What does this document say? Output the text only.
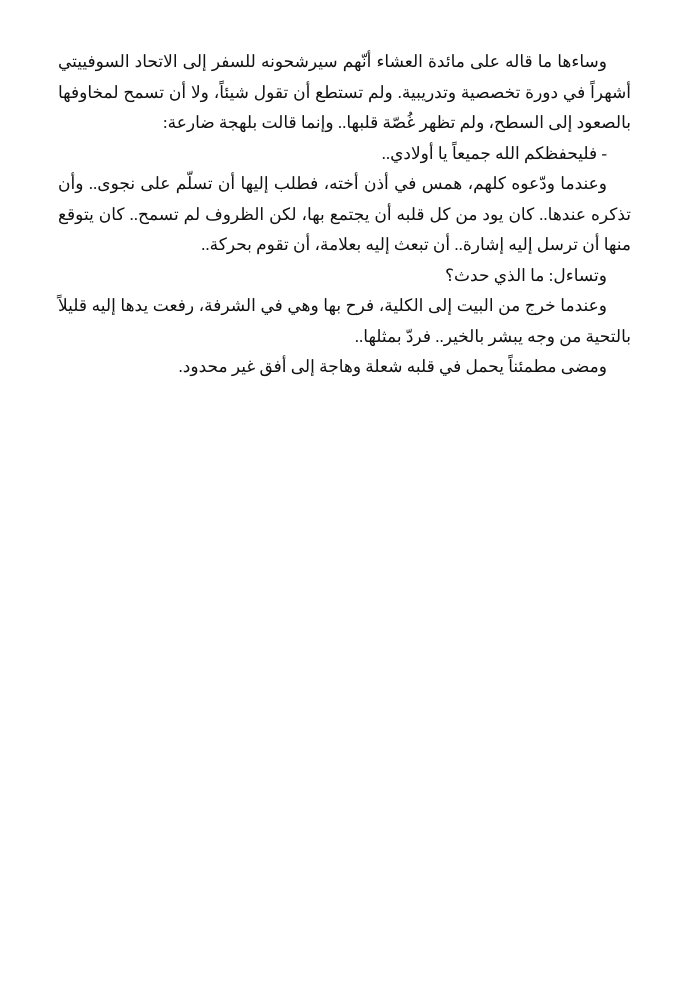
وساءها ما قاله على مائدة العشاء أنّهم سيرشحونه للسفر إلى الاتحاد السوفييتي أشهراً في دورة تخصصية وتدريبية. ولم تستطع أن تقول شيئاً، ولا أن تسمح لمخاوفها بالصعود إلى السطح، ولم تظهر غُصّة قلبها.. وإنما قالت بلهجة ضارعة:

- فليحفظكم الله جميعاً يا أولادي..

وعندما ودّعوه كلهم، همس في أذن أخته، فطلب إليها أن تسلّم على نجوى.. وأن تذكره عندها.. كان يود من كل قلبه أن يجتمع بها، لكن الظروف لم تسمح.. كان يتوقع منها أن ترسل إليه إشارة.. أن تبعث إليه بعلامة، أن تقوم بحركة..

وتساءل: ما الذي حدث؟

وعندما خرج من البيت إلى الكلية، فرح بها وهي في الشرفة، رفعت يدها إليه قليلاً بالتحية من وجه يبشر بالخير.. فردّ بمثلها..

ومضى مطمئناً يحمل في قلبه شعلة وهاجة إلى أفق غير محدود.
